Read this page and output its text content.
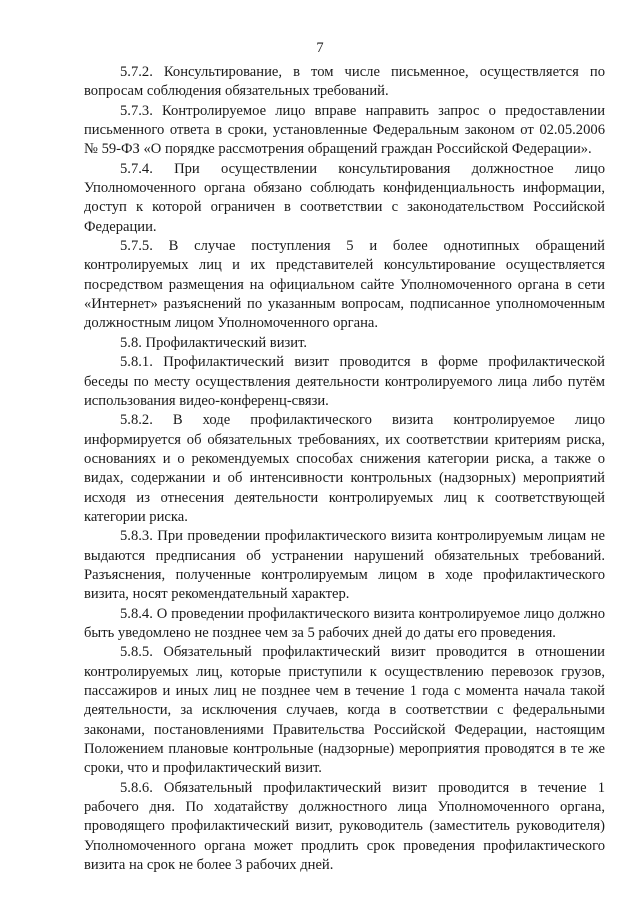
7

5.7.2. Консультирование, в том числе письменное, осуществляется по вопросам соблюдения обязательных требований.

5.7.3. Контролируемое лицо вправе направить запрос о предоставлении письменного ответа в сроки, установленные Федеральным законом от 02.05.2006 № 59-ФЗ «О порядке рассмотрения обращений граждан Российской Федерации».

5.7.4. При осуществлении консультирования должностное лицо Уполномоченного органа обязано соблюдать конфиденциальность информации, доступ к которой ограничен в соответствии с законодательством Российской Федерации.

5.7.5. В случае поступления 5 и более однотипных обращений контролируемых лиц и их представителей консультирование осуществляется посредством размещения на официальном сайте Уполномоченного органа в сети «Интернет» разъяснений по указанным вопросам, подписанное уполномоченным должностным лицом Уполномоченного органа.

5.8. Профилактический визит.

5.8.1. Профилактический визит проводится в форме профилактической беседы по месту осуществления деятельности контролируемого лица либо путём использования видео-конференц-связи.

5.8.2. В ходе профилактического визита контролируемое лицо информируется об обязательных требованиях, их соответствии критериям риска, основаниях и о рекомендуемых способах снижения категории риска, а также о видах, содержании и об интенсивности контрольных (надзорных) мероприятий исходя из отнесения деятельности контролируемых лиц к соответствующей категории риска.

5.8.3. При проведении профилактического визита контролируемым лицам не выдаются предписания об устранении нарушений обязательных требований. Разъяснения, полученные контролируемым лицом в ходе профилактического визита, носят рекомендательный характер.

5.8.4. О проведении профилактического визита контролируемое лицо должно быть уведомлено не позднее чем за 5 рабочих дней до даты его проведения.

5.8.5. Обязательный профилактический визит проводится в отношении контролируемых лиц, которые приступили к осуществлению перевозок грузов, пассажиров и иных лиц не позднее чем в течение 1 года с момента начала такой деятельности, за исключения случаев, когда в соответствии с федеральными законами, постановлениями Правительства Российской Федерации, настоящим Положением плановые контрольные (надзорные) мероприятия проводятся в те же сроки, что и профилактический визит.

5.8.6. Обязательный профилактический визит проводится в течение 1 рабочего дня. По ходатайству должностного лица Уполномоченного органа, проводящего профилактический визит, руководитель (заместитель руководителя) Уполномоченного органа может продлить срок проведения профилактического визита на срок не более 3 рабочих дней.
